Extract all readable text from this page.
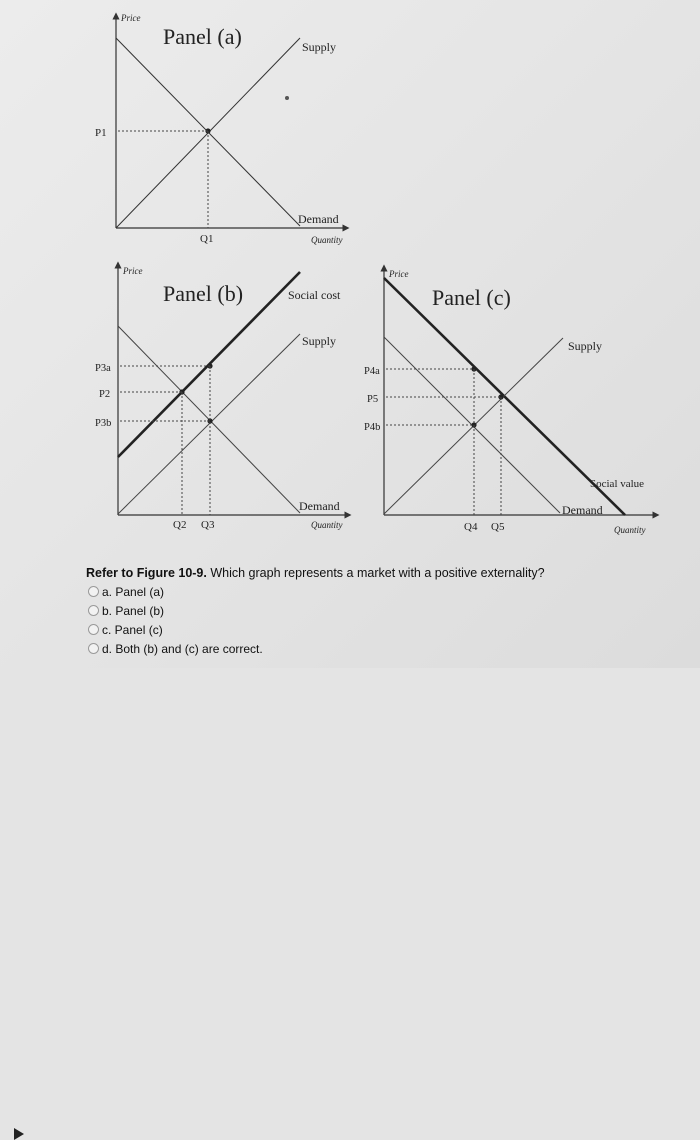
Price
Panel (a)	Supply
P1
Q1
Demand
Quantity
Price
Panel (b)	Social cost
Supply
Demand
Quantity
P3a
P2
P3b
Q2 Q3
Price
Panel (c)
Supply
Social value
Demand
Quantity
P4a
P5
P4b
Q4 Q5
Refer to Figure 10-9. Which graph represents a market with a positive externality?
a. Panel (a)
b. Panel (b)
c. Panel (c)
d. Both (b) and (c) are correct.
